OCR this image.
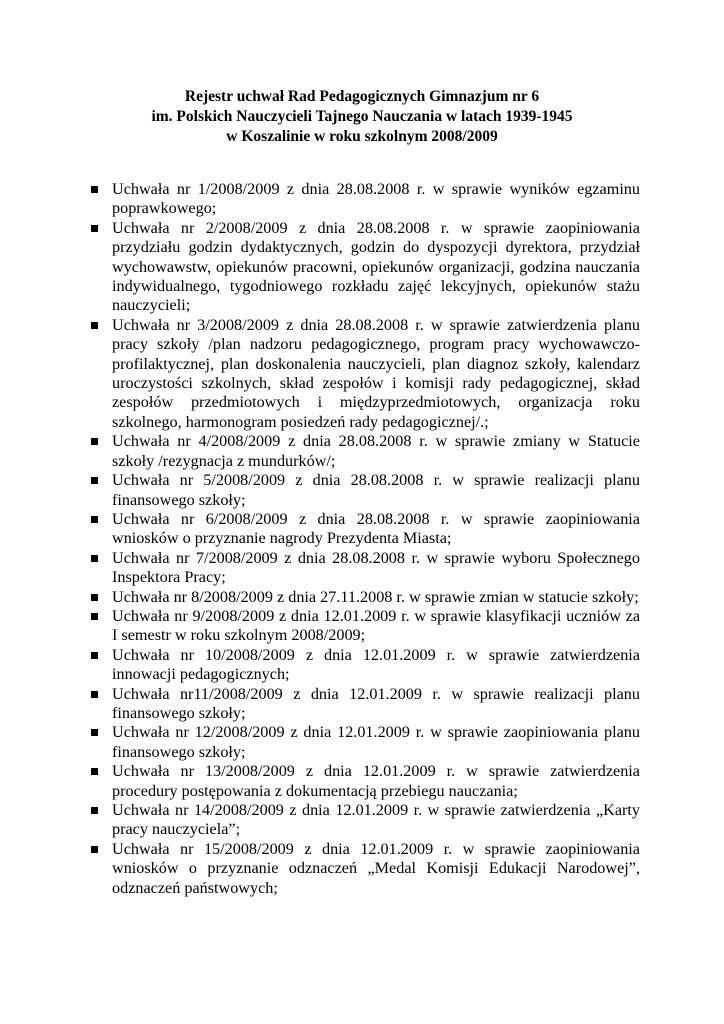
Rejestr uchwał Rad Pedagogicznych Gimnazjum nr 6
im. Polskich Nauczycieli Tajnego Nauczania w latach 1939-1945
w Koszalinie w roku szkolnym 2008/2009
Uchwała nr 1/2008/2009 z dnia 28.08.2008 r. w sprawie wyników egzaminu poprawkowego;
Uchwała nr 2/2008/2009 z dnia 28.08.2008 r. w sprawie zaopiniowania przydziału godzin dydaktycznych, godzin do dyspozycji dyrektora, przydział wychowawstw, opiekunów pracowni, opiekunów organizacji, godzina nauczania indywidualnego, tygodniowego rozkładu zajęć lekcyjnych, opiekunów stażu nauczycieli;
Uchwała nr 3/2008/2009 z dnia 28.08.2008 r. w sprawie zatwierdzenia planu pracy szkoły /plan nadzoru pedagogicznego, program pracy wychowawczo-profilaktycznej, plan doskonalenia nauczycieli, plan diagnoz szkoły, kalendarz uroczystości szkolnych, skład zespołów i komisji rady pedagogicznej, skład zespołów przedmiotowych i międzyprzedmiotowych, organizacja roku szkolnego, harmonogram posiedzeń rady pedagogicznej/.;
Uchwała nr 4/2008/2009 z dnia 28.08.2008 r. w sprawie zmiany w Statucie szkoły /rezygnacja z mundurków/;
Uchwała nr 5/2008/2009 z dnia 28.08.2008 r. w sprawie realizacji planu finansowego szkoły;
Uchwała nr 6/2008/2009 z dnia 28.08.2008 r. w sprawie zaopiniowania wniosków o przyznanie nagrody Prezydenta Miasta;
Uchwała nr 7/2008/2009 z dnia 28.08.2008 r. w sprawie wyboru Społecznego Inspektora Pracy;
Uchwała nr 8/2008/2009 z dnia 27.11.2008 r. w sprawie zmian w statucie szkoły;
Uchwała nr 9/2008/2009 z dnia 12.01.2009 r. w sprawie klasyfikacji uczniów za I semestr w roku szkolnym 2008/2009;
Uchwała nr 10/2008/2009 z dnia 12.01.2009 r. w sprawie zatwierdzenia innowacji pedagogicznych;
Uchwała nr11/2008/2009 z dnia 12.01.2009 r. w sprawie realizacji planu finansowego szkoły;
Uchwała nr 12/2008/2009 z dnia 12.01.2009 r. w sprawie zaopiniowania planu finansowego szkoły;
Uchwała nr 13/2008/2009 z dnia 12.01.2009 r. w sprawie zatwierdzenia procedury postępowania z dokumentacją przebiegu nauczania;
Uchwała nr 14/2008/2009 z dnia 12.01.2009 r. w sprawie zatwierdzenia „Karty pracy nauczyciela”;
Uchwała nr 15/2008/2009 z dnia 12.01.2009 r. w sprawie zaopiniowania wniosków o przyznanie odznaczeń „Medal Komisji Edukacji Narodowej”, odznaczeń państwowych;
